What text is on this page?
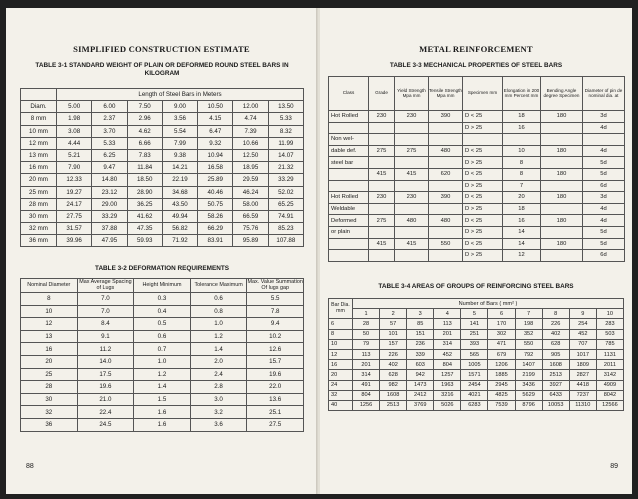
SIMPLIFIED CONSTRUCTION ESTIMATE
TABLE 3-1 STANDARD WEIGHT OF PLAIN OR DEFORMED ROUND STEEL BARS IN KILOGRAM
	Length of Steel Bars in Meters						
Diam.	5.00	6.00	7.50	9.00	10.50	12.00	13.50
8 mm	1.98	2.37	2.96	3.56	4.15	4.74	5.33
10 mm	3.08	3.70	4.62	5.54	6.47	7.39	8.32
12 mm	4.44	5.33	6.66	7.99	9.32	10.66	11.99
13 mm	5.21	6.25	7.83	9.38	10.94	12.50	14.07
16 mm	7.90	9.47	11.84	14.21	16.58	18.95	21.32
20 mm	12.33	14.80	18.50	22.19	25.89	29.59	33.29
25 mm	19.27	23.12	28.90	34.68	40.46	46.24	52.02
28 mm	24.17	29.00	36.25	43.50	50.75	58.00	65.25
30 mm	27.75	33.29	41.62	49.94	58.26	66.59	74.91
32 mm	31.57	37.88	47.35	56.82	66.29	75.76	85.23
36 mm	39.96	47.95	59.93	71.92	83.91	95.89	107.88
TABLE 3-2 DEFORMATION REQUIREMENTS
Nominal Diameter	Max Average Spacing of Lugs	Height Minimum	Tolerance Maximum	Max. Value Summation Of lugs gap
8	7.0	0.3	0.6	5.5
10	7.0	0.4	0.8	7.8
12	8.4	0.5	1.0	9.4
13	9.1	0.6	1.2	10.2
16	11.2	0.7	1.4	12.6
20	14.0	1.0	2.0	15.7
25	17.5	1.2	2.4	19.6
28	19.6	1.4	2.8	22.0
30	21.0	1.5	3.0	13.6
32	22.4	1.6	3.2	25.1
36	24.5	1.6	3.6	27.5
88
METAL REINFORCEMENT
TABLE 3-3 MECHANICAL PROPERTIES OF STEEL BARS
Class	Grade	Yield Strength Mpa mm	Tensile Strength Mpa mm	Specimen mm	Elongation in 200 mm Percent mm	Bending Angle degree Specimen	Diameter of pin de nominal dia. at
Hot Rolled	230	230	390	D < 25	18	180	3d
				D > 25	16		4d
Non wel-							
dable def.	275	275	480	D < 25	10	180	4d
steel bar				D > 25	8		5d
	415	415	620	D < 25	8	180	5d
				D > 25	7		6d
Hot Rolled	230	230	390	D < 25	20	180	3d
Weldable				D > 25	18		4d
Deformed	275	480	480	D < 25	16	180	4d
or plain				D > 25	14		5d
	415	415	550	D < 25	14	180	5d
				D > 25	12		6d
TABLE 3-4 AREAS OF GROUPS OF REINFORCING STEEL BARS
Bar Dia. mm	Number of Bars ( mm² )									
	1	2	3	4	5	6	7	8	9	10
6	28	57	85	113	141	170	198	226	254	283
8	50	101	151	201	251	302	352	402	452	503
10	79	157	236	314	393	471	550	628	707	785
12	113	226	339	452	565	679	792	905	1017	1131
16	201	402	603	804	1005	1206	1407	1608	1809	2011
20	314	628	942	1257	1571	1885	2199	2513	2827	3142
24	491	982	1473	1963	2454	2945	3436	3927	4418	4909
32	804	1608	2412	3216	4021	4825	5629	6433	7237	8042
40	1256	2513	3769	5026	6283	7539	8796	10053	11310	12566
89
